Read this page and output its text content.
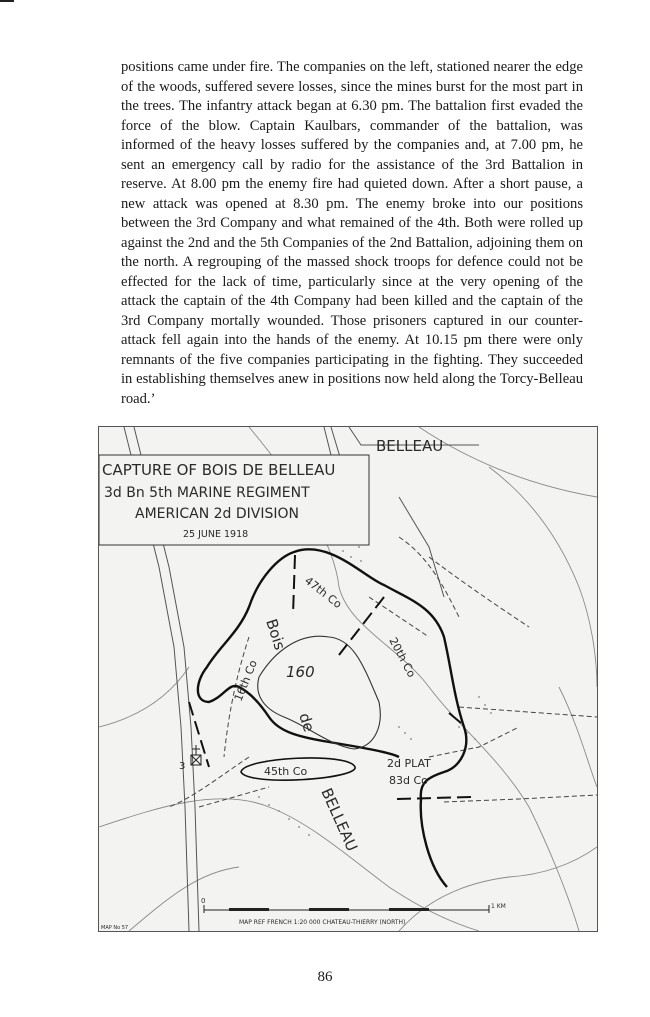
positions came under fire. The companies on the left, stationed nearer the edge of the woods, suffered severe losses, since the mines burst for the most part in the trees. The infantry attack began at 6.30 pm. The battalion first evaded the force of the blow. Captain Kaulbars, commander of the battalion, was informed of the heavy losses suffered by the companies and, at 7.00 pm, he sent an emergency call by radio for the assistance of the 3rd Battalion in reserve. At 8.00 pm the enemy fire had quieted down. After a short pause, a new attack was opened at 8.30 pm. The enemy broke into our positions between the 3rd Company and what remained of the 4th. Both were rolled up against the 2nd and the 5th Companies of the 2nd Battalion, adjoining them on the north. A regrouping of the massed shock troops for defence could not be effected for the lack of time, particularly since at the very opening of the attack the captain of the 4th Company had been killed and the captain of the 3rd Company mortally wounded. Those prisoners captured in our counter-attack fell again into the hands of the enemy. At 10.15 pm there were only remnants of the five companies participating in the fighting. They succeeded in establishing themselves anew in positions now held along the Torcy-Belleau road.’

CAPTURE OF BOIS DE BELLEAU
3d Bn 5th MARINE REGIMENT
AMERICAN 2d DIVISION
25 JUNE 1918
BELLEAU
47th Co
20th Co
16th Co
45th Co
2d PLAT
83d Co
160
Bois
de
BELLEAU
3
0
1 KM
MAP REF FRENCH 1:20 000 CHATEAU-THIERRY (NORTH)
MAP No 57
86
